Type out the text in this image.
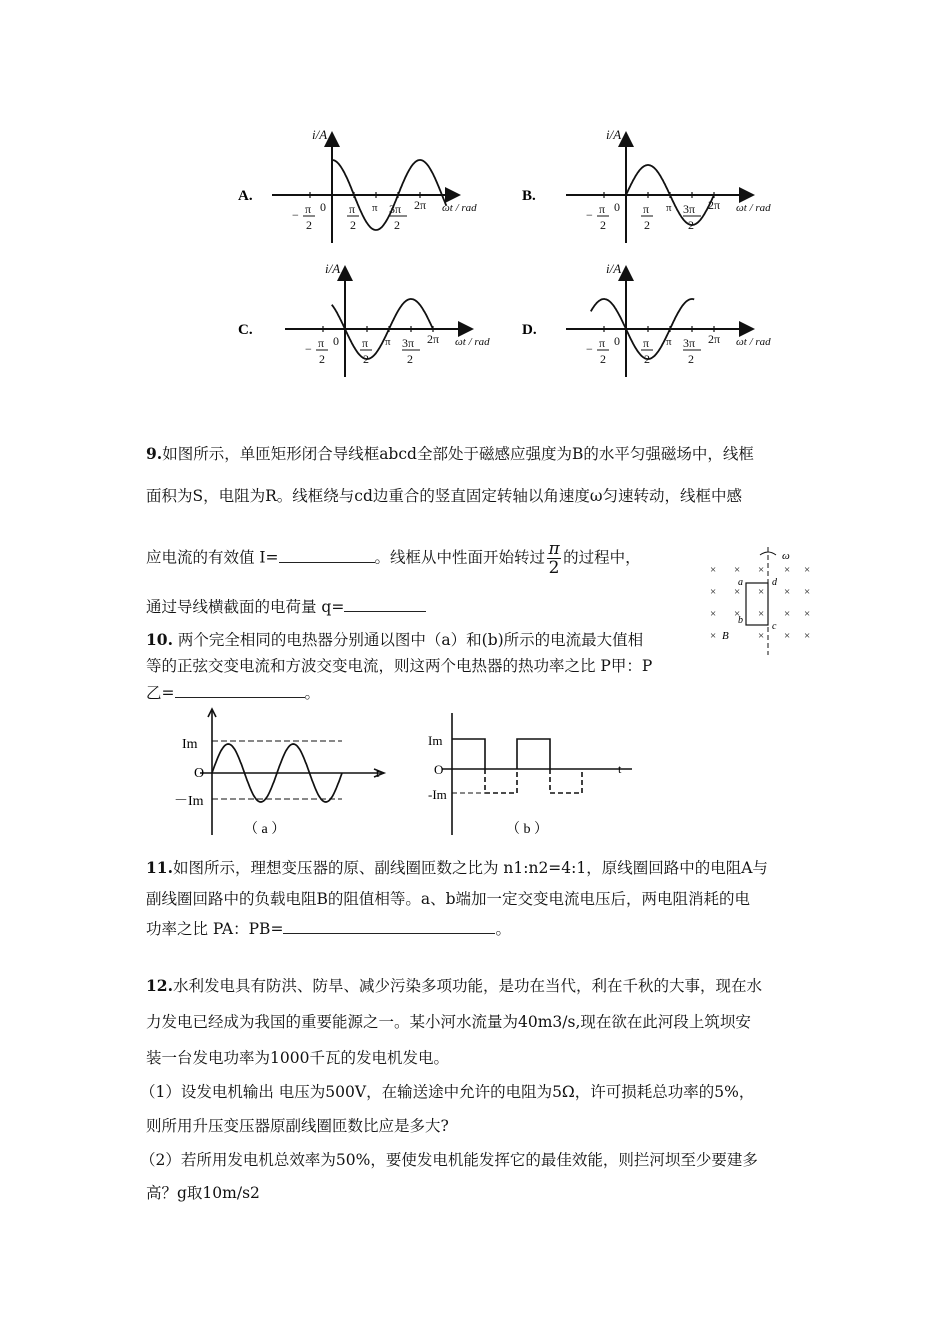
A.	B.
C.	D.
i/A
ωt / rad
0
− π
2
π
2
π 3π
2
2π
i/A
ωt / rad
0
− π
2
π
2
π 3π
2
2π
i/A
ωt / rad
0
− π
2
π
2
π 3π
2
2π
i/A
ωt / rad
0
− π
2
π
2
π 3π
2
2π
9.如图所示，单匝矩形闭合导线框abcd全部处于磁感应强度为B的水平匀强磁场中，线框
面积为S，电阻为R。线框绕与cd边重合的竖直固定转轴以角速度ω匀速转动，线框中感
应电流的有效值 I=	。线框从中性面开始转过 $\frac{\pi}{2}$ 的过程中，
通过导线横截面的电荷量 q=
× × × × ×
× × × × ×
× × × × ×
×	× × ×
ω
a
b
c
d
B
10. 两个完全相同的电热器分别通以图中（a）和(b)所示的电流最大值相
等的正弦交变电流和方波交变电流，则这两个电热器的热功率之比 P甲：P
乙=	。
Im
O
－Im
t
（ a ）
Im
O
-Im
t
（ b ）
11.如图所示，理想变压器的原、副线圈匝数之比为 n1:n2=4:1，原线圈回路中的电阻A与
副线圈回路中的负载电阻B的阻值相等。a、b端加一定交变电流电压后，两电阻消耗的电
功率之比 PA：PB=	。
12.水利发电具有防洪、防旱、减少污染多项功能，是功在当代，利在千秋的大事，现在水
力发电已经成为我国的重要能源之一。某小河水流量为40m3/s,现在欲在此河段上筑坝安
装一台发电功率为1000千瓦的发电机发电。
（1）设发电机输出 电压为500V，在输送途中允许的电阻为5Ω，许可损耗总功率的5%，
则所用升压变压器原副线圈匝数比应是多大?
（2）若所用发电机总效率为50%，要使发电机能发挥它的最佳效能，则拦河坝至少要建多
高？g取10m/s2
